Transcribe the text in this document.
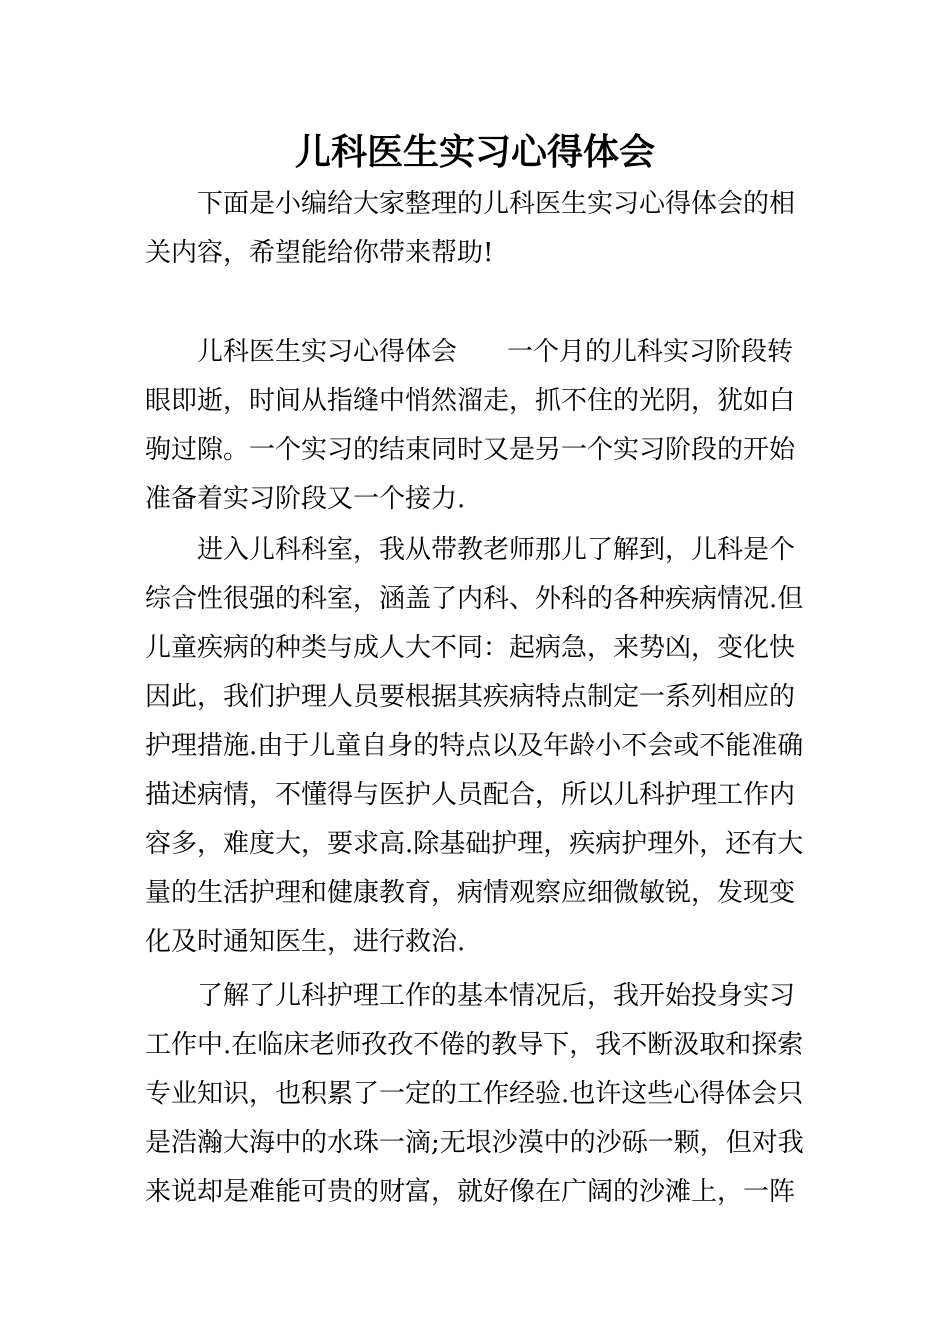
儿科医生实习心得体会

下面是小编给大家整理的儿科医生实习心得体会的相

关内容，希望能给你带来帮助!

儿科医生实习心得体会 一个月的儿科实习阶段转

眼即逝，时间从指缝中悄然溜走，抓不住的光阴，犹如白

驹过隙。一个实习的结束同时又是另一个实习阶段的开始

准备着实习阶段又一个接力.

进入儿科科室，我从带教老师那儿了解到，儿科是个

综合性很强的科室，涵盖了内科、外科的各种疾病情况.但

儿童疾病的种类与成人大不同：起病急，来势凶，变化快

因此，我们护理人员要根据其疾病特点制定一系列相应的

护理措施.由于儿童自身的特点以及年龄小不会或不能准确

描述病情，不懂得与医护人员配合，所以儿科护理工作内

容多，难度大，要求高.除基础护理，疾病护理外，还有大

量的生活护理和健康教育，病情观察应细微敏锐，发现变

化及时通知医生，进行救治.

了解了儿科护理工作的基本情况后，我开始投身实习

工作中.在临床老师孜孜不倦的教导下，我不断汲取和探索

专业知识，也积累了一定的工作经验.也许这些心得体会只

是浩瀚大海中的水珠一滴;无垠沙漠中的沙砾一颗，但对我

来说却是难能可贵的财富，就好像在广阔的沙滩上，一阵
